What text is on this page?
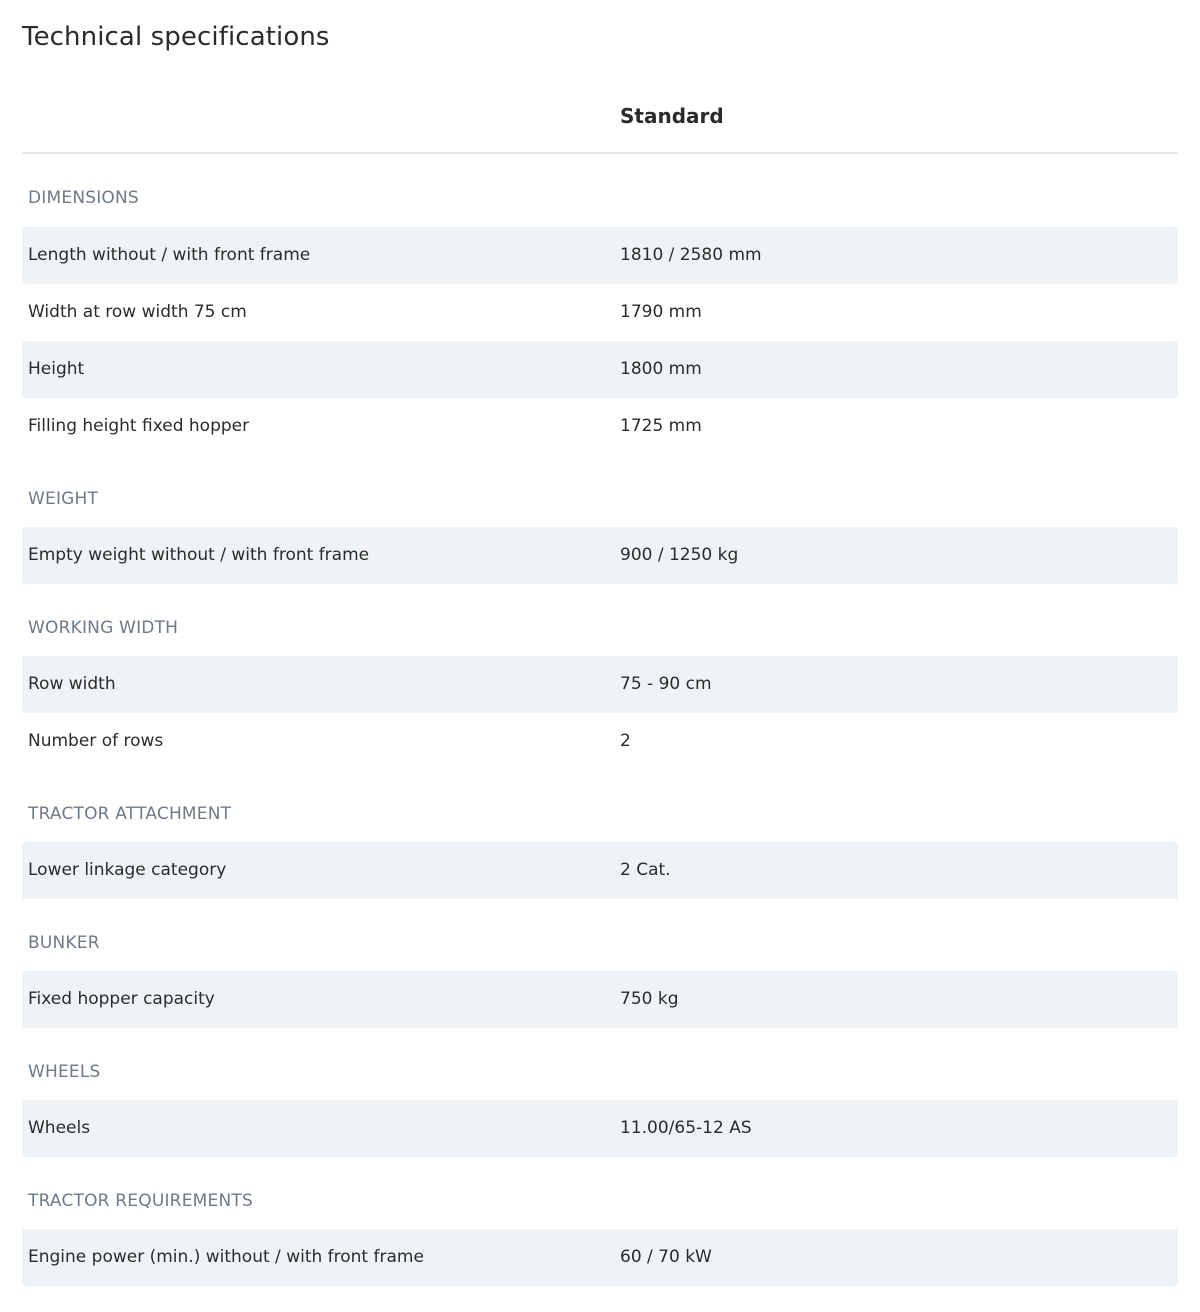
Technical specifications
Standard
DIMENSIONS
Length without / with front frame	1810 / 2580 mm
Width at row width 75 cm	1790 mm
Height	1800 mm
Filling height fixed hopper	1725 mm
WEIGHT
Empty weight without / with front frame	900 / 1250 kg
WORKING WIDTH
Row width	75 - 90 cm
Number of rows	2
TRACTOR ATTACHMENT
Lower linkage category	2 Cat.
BUNKER
Fixed hopper capacity	750 kg
WHEELS
Wheels	11.00/65-12 AS
TRACTOR REQUIREMENTS
Engine power (min.) without / with front frame	60 / 70 kW
